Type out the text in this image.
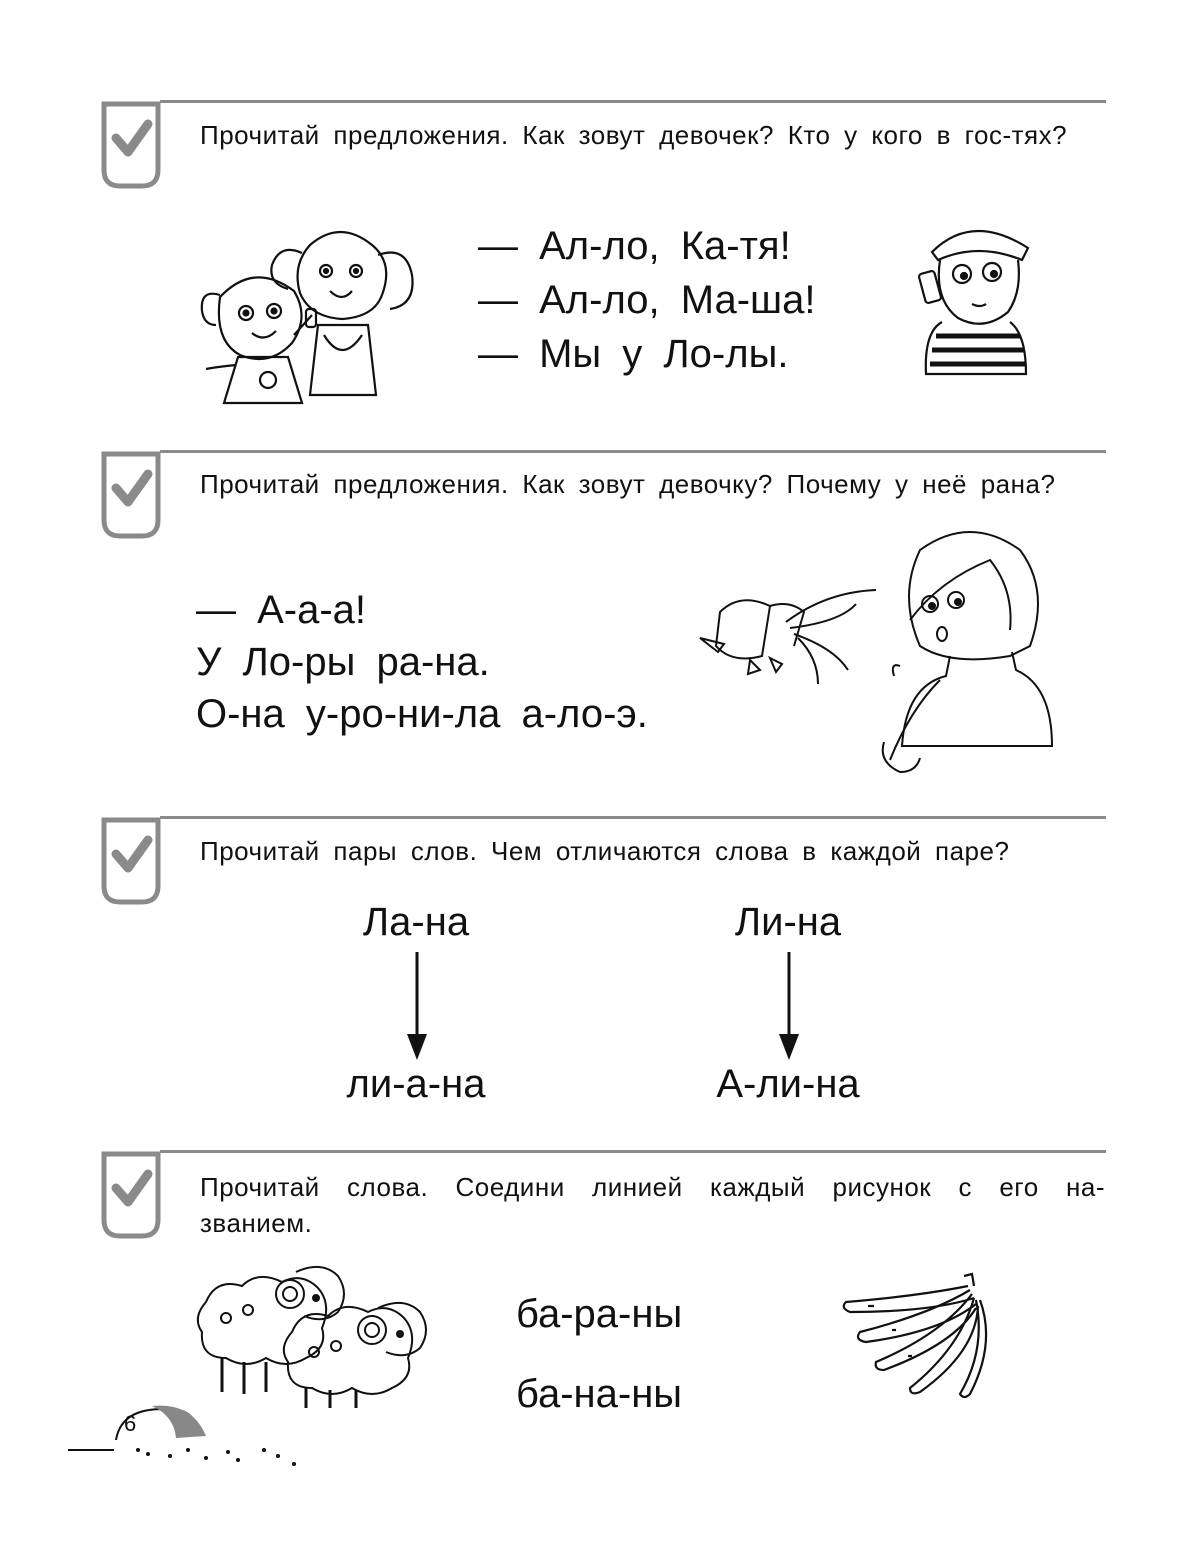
Прочитай предложения. Как зовут девочек? Кто у кого в гос-тях?
— Ал-ло, Ка-тя!
— Ал-ло, Ма-ша!
— Мы у Ло-лы.
Прочитай предложения. Как зовут девочку? Почему у неё рана?
— А-а-а!
У Ло-ры ра-на.
О-на у-ро-ни-ла а-ло-э.
Прочитай пары слов. Чем отличаются слова в каждой паре?
Ла-на
ли-а-на
Ли-на
А-ли-на
Прочитай слова. Соедини линией каждый рисунок с его на-званием.
ба-ра-ны
ба-на-ны
6
